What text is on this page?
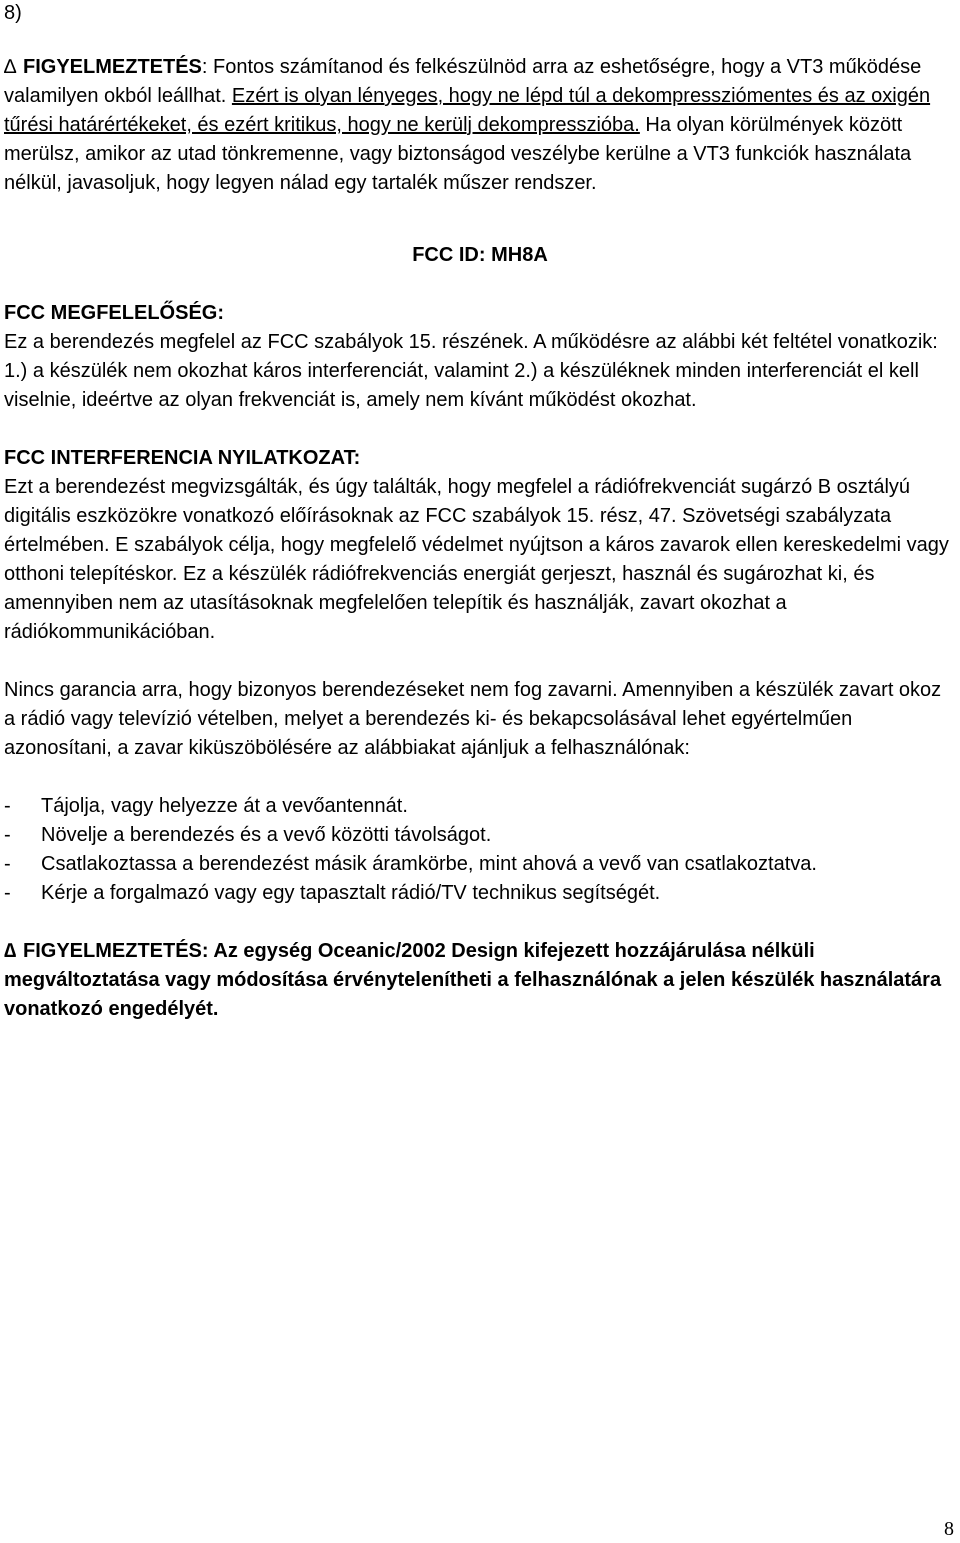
8)

∆ FIGYELMEZTETÉS: Fontos számítanod és felkészülnöd arra az eshetőségre, hogy a VT3 működése valamilyen okból leállhat. Ezért is olyan lényeges, hogy ne lépd túl a dekompressziómentes és az oxigén tűrési határértékeket, és ezért kritikus, hogy ne kerülj dekompresszióba. Ha olyan körülmények között merülsz, amikor az utad tönkremenne, vagy biztonságod veszélybe kerülne a VT3 funkciók használata nélkül, javasoljuk, hogy legyen nálad egy tartalék műszer rendszer.

FCC ID: MH8A

FCC MEGFELELŐSÉG:

Ez a berendezés megfelel az FCC szabályok 15. részének. A működésre az alábbi két feltétel vonatkozik: 1.) a készülék nem okozhat káros interferenciát, valamint 2.) a készüléknek minden interferenciát el kell viselnie, ideértve az olyan frekvenciát is, amely nem kívánt működést okozhat.

FCC INTERFERENCIA NYILATKOZAT:

Ezt a berendezést megvizsgálták, és úgy találták, hogy megfelel a rádiófrekvenciát sugárzó B osztályú digitális eszközökre vonatkozó előírásoknak az FCC szabályok 15. rész, 47. Szövetségi szabályzata értelmében. E szabályok célja, hogy megfelelő védelmet nyújtson a káros zavarok ellen kereskedelmi vagy otthoni telepítéskor. Ez a készülék rádiófrekvenciás energiát gerjeszt, használ és sugározhat ki, és amennyiben nem az utasításoknak megfelelően telepítik és használják, zavart okozhat a rádiókommunikációban.

Nincs garancia arra, hogy bizonyos berendezéseket nem fog zavarni. Amennyiben a készülék zavart okoz a rádió vagy televízió vételben, melyet a berendezés ki- és bekapcsolásával lehet egyértelműen azonosítani, a zavar kiküszöbölésére az alábbiakat ajánljuk a felhasználónak:

- Tájolja, vagy helyezze át a vevőantennát.
- Növelje a berendezés és a vevő közötti távolságot.
- Csatlakoztassa a berendezést másik áramkörbe, mint ahová a vevő van csatlakoztatva.
- Kérje a forgalmazó vagy egy tapasztalt rádió/TV technikus segítségét.

∆ FIGYELMEZTETÉS: Az egység Oceanic/2002 Design kifejezett hozzájárulása nélküli megváltoztatása vagy módosítása érvénytelenítheti a felhasználónak a jelen készülék használatára vonatkozó engedélyét.

8
